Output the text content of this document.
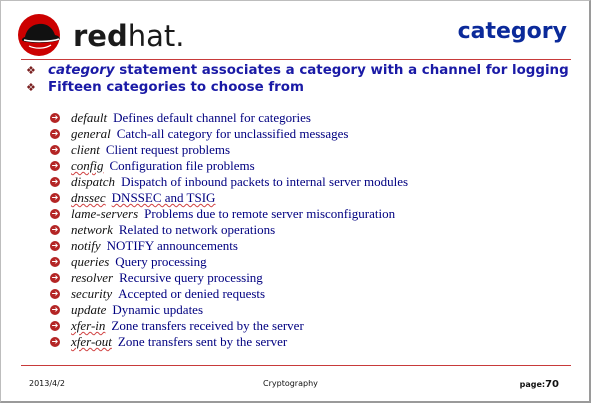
redhat.	category
❖ category statement associates a category with a channel for logging
❖ Fifteen categories to choose from
➔ default Defines default channel for categories
➔ general Catch-all category for unclassified messages
➔ client Client request problems
➔ config Configuration file problems
➔ dispatch Dispatch of inbound packets to internal server modules
➔ dnssec DNSSEC and TSIG
➔ lame-servers Problems due to remote server misconfiguration
➔ network Related to network operations
➔ notify NOTIFY announcements
➔ queries Query processing
➔ resolver Recursive query processing
➔ security Accepted or denied requests
➔ update Dynamic updates
➔ xfer-in Zone transfers received by the server
➔ xfer-out Zone transfers sent by the server
2013/4/2	Cryptography	page:70
